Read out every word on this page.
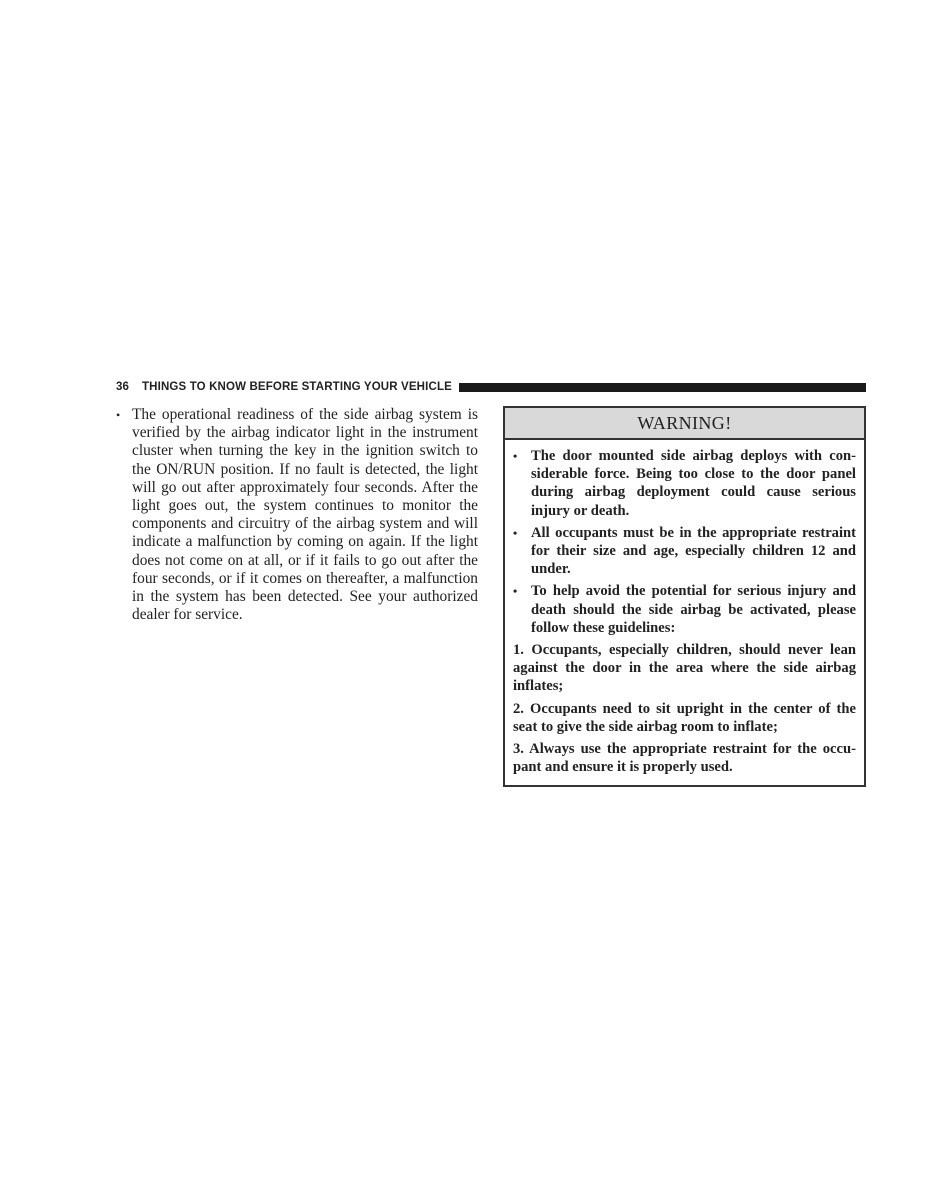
36 THINGS TO KNOW BEFORE STARTING YOUR VEHICLE
• The operational readiness of the side airbag system is verified by the airbag indicator light in the instrument cluster when turning the key in the ignition switch to the ON/RUN position. If no fault is detected, the light will go out after approximately four seconds. After the light goes out, the system continues to monitor the components and circuitry of the airbag system and will indicate a malfunction by coming on again. If the light does not come on at all, or if it fails to go out after the four seconds, or if it comes on thereafter, a malfunction in the system has been detected. See your authorized dealer for service.
WARNING!
• The door mounted side airbag deploys with considerable force. Being too close to the door panel during airbag deployment could cause serious injury or death.
• All occupants must be in the appropriate restraint for their size and age, especially children 12 and under.
• To help avoid the potential for serious injury and death should the side airbag be activated, please follow these guidelines:
1. Occupants, especially children, should never lean against the door in the area where the side airbag inflates;
2. Occupants need to sit upright in the center of the seat to give the side airbag room to inflate;
3. Always use the appropriate restraint for the occupant and ensure it is properly used.
